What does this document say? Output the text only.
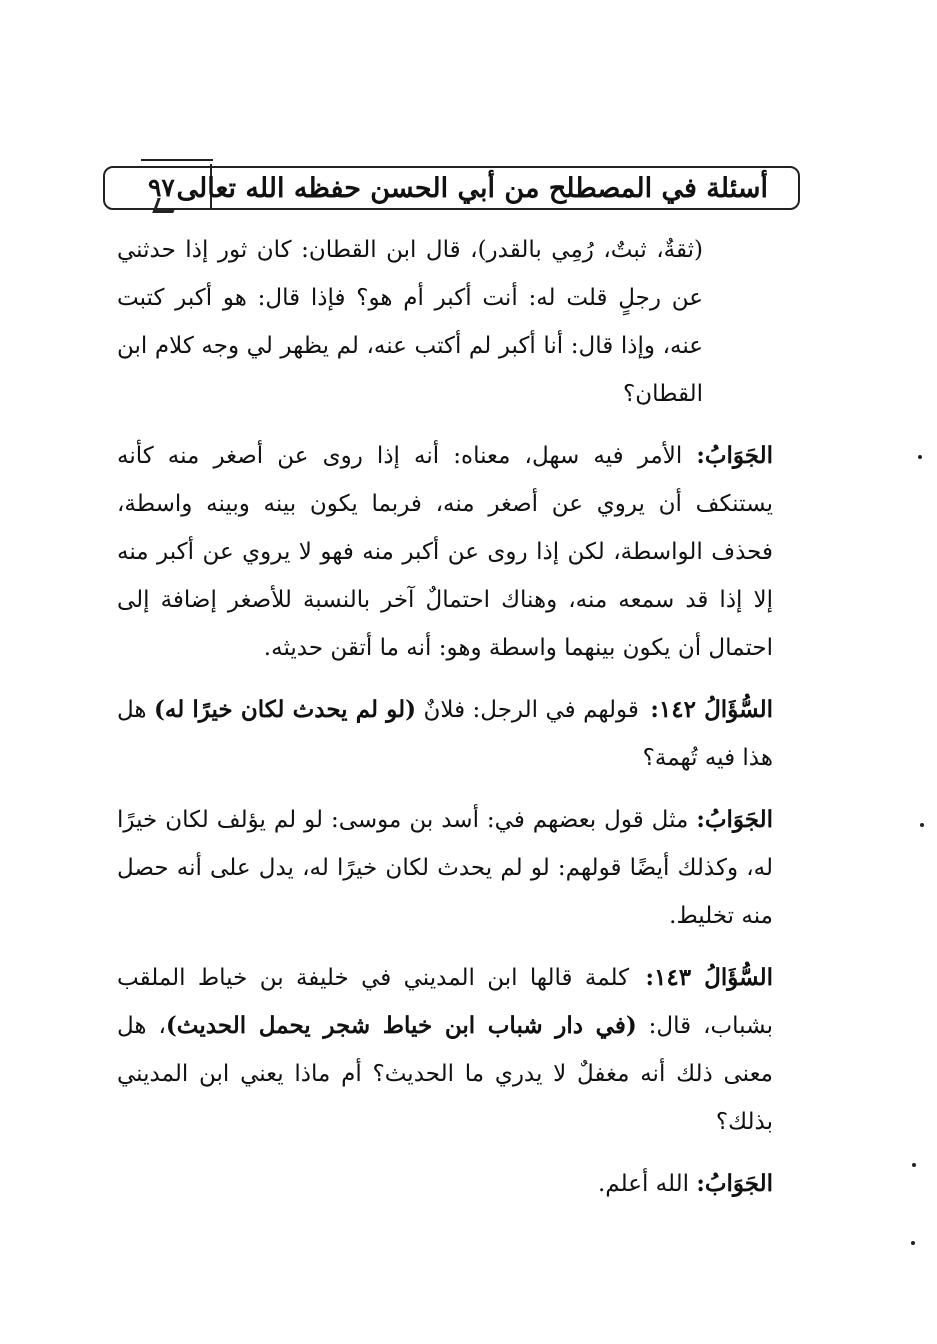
٩٧ أسئلة في المصطلح من أبي الحسن حفظه الله تعالى

(ثقةٌ، ثبتٌ، رُمِي بالقدر)، قال ابن القطان: كان ثور إذا حدثني عن رجلٍ قلت له: أنت أكبر أم هو؟ فإذا قال: هو أكبر كتبت عنه، وإذا قال: أنا أكبر لم أكتب عنه، لم يظهر لي وجه كلام ابن القطان؟

الجَوَابُ: الأمر فيه سهل، معناه: أنه إذا روى عن أصغر منه كأنه يستنكف أن يروي عن أصغر منه، فربما يكون بينه وبينه واسطة، فحذف الواسطة، لكن إذا روى عن أكبر منه فهو لا يروي عن أكبر منه إلا إذا قد سمعه منه، وهناك احتمالٌ آخر بالنسبة للأصغر إضافة إلى احتمال أن يكون بينهما واسطة وهو: أنه ما أتقن حديثه.

السُّؤَالُ ١٤٢: قولهم في الرجل: فلانٌ (لو لم يحدث لكان خيرًا له) هل هذا فيه تُهمة؟

الجَوَابُ: مثل قول بعضهم في: أسد بن موسى: لو لم يؤلف لكان خيرًا له، وكذلك أيضًا قولهم: لو لم يحدث لكان خيرًا له، يدل على أنه حصل منه تخليط.

السُّؤَالُ ١٤٣: كلمة قالها ابن المديني في خليفة بن خياط الملقب بشباب، قال: (في دار شباب ابن خياط شجر يحمل الحديث)، هل معنى ذلك أنه مغفلٌ لا يدري ما الحديث؟ أم ماذا يعني ابن المديني بذلك؟

الجَوَابُ: الله أعلم.
